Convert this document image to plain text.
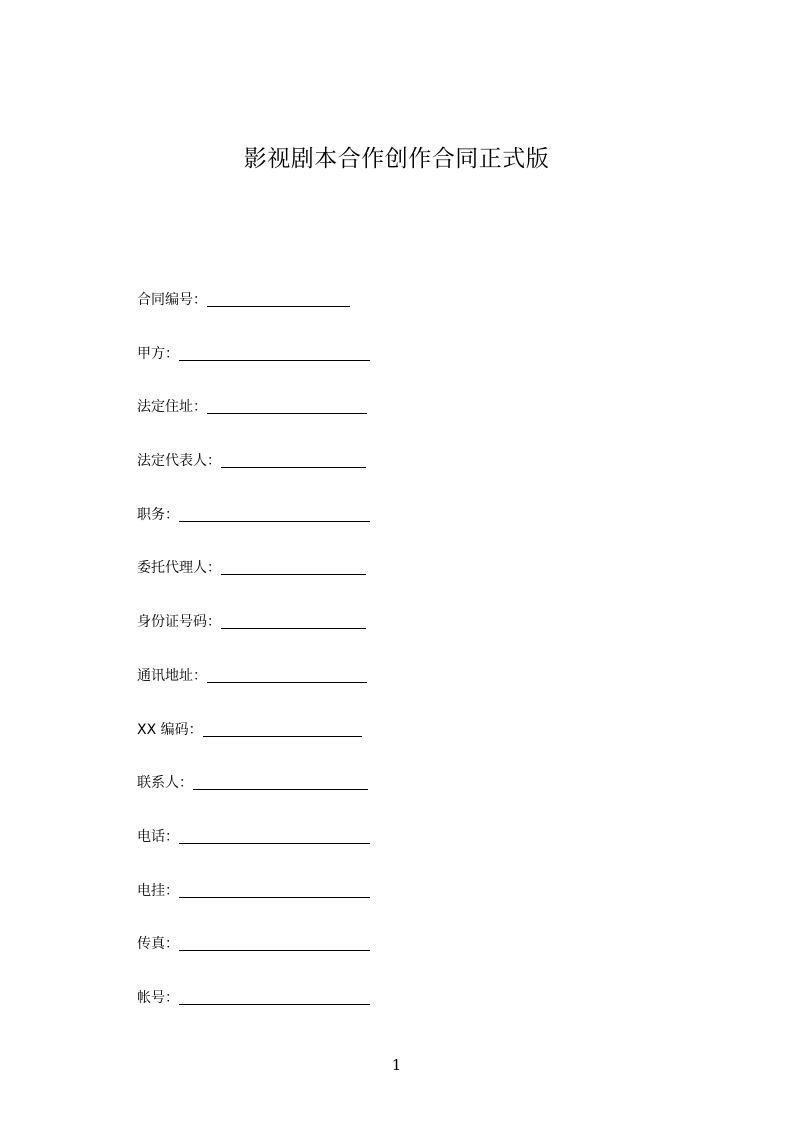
影视剧本合作创作合同正式版
合同编号：
甲方：
法定住址：
法定代表人：
职务：
委托代理人：
身份证号码：
通讯地址：
XX 编码：
联系人：
电话：
电挂：
传真：
帐号：
1
